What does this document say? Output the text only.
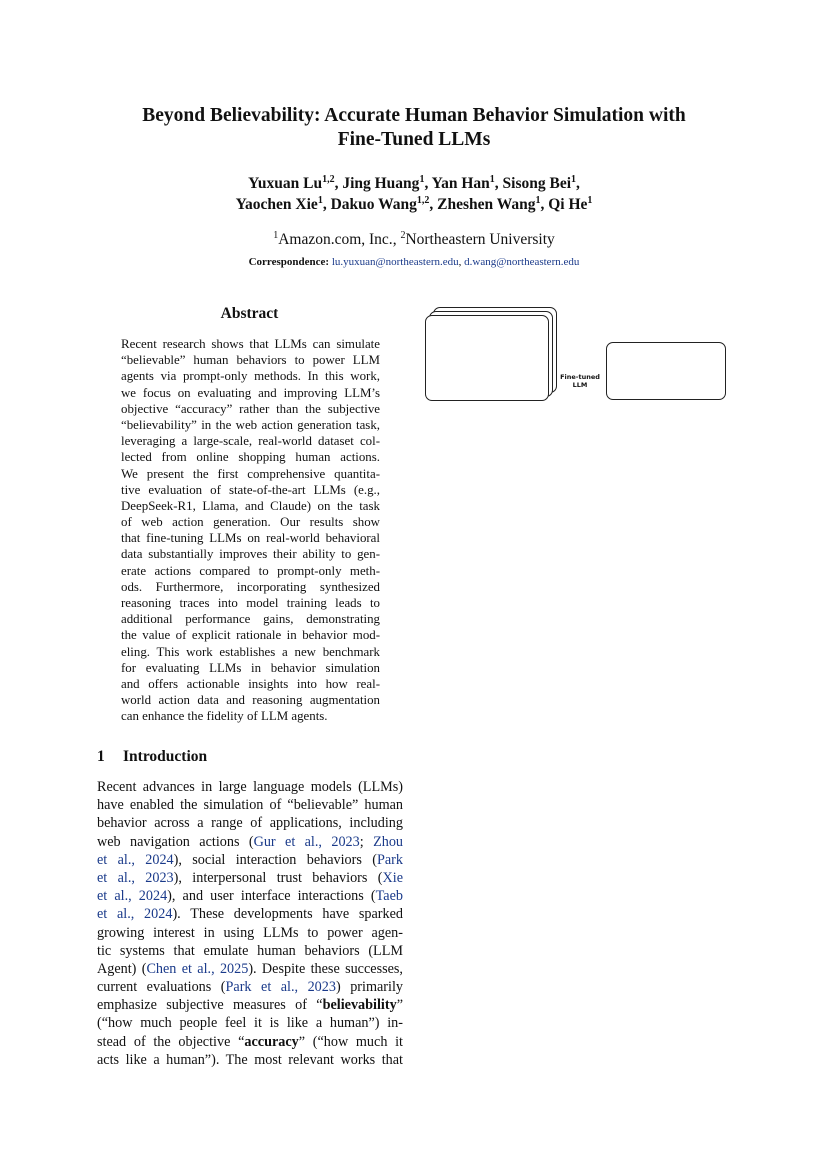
Beyond Believability: Accurate Human Behavior Simulation with
Fine-Tuned LLMs
Yuxuan Lu$^{1,2}$, Jing Huang$^1$, Yan Han$^1$, Sisong Bei$^1$,
Yaochen Xie$^1$, Dakuo Wang$^{1,2}$, Zheshen Wang$^1$, Qi He$^1$
$^1$Amazon.com, Inc., $^2$Northeastern University
Correspondence: lu.yuxuan@northeastern.edu, d.wang@northeastern.edu
Abstract
Recent research shows that LLMs can simulate
“believable” human behaviors to power LLM
agents via prompt-only methods. In this work,
we focus on evaluating and improving LLM’s
objective “accuracy” rather than the subjective
“believability” in the web action generation task,
leveraging a large-scale, real-world dataset col-
lected from online shopping human actions.
We present the first comprehensive quantita-
tive evaluation of state-of-the-art LLMs (e.g.,
DeepSeek-R1, Llama, and Claude) on the task
of web action generation. Our results show
that fine-tuning LLMs on real-world behavioral
data substantially improves their ability to gen-
erate actions compared to prompt-only meth-
ods. Furthermore, incorporating synthesized
reasoning traces into model training leads to
additional performance gains, demonstrating
the value of explicit rationale in behavior mod-
eling. This work establishes a new benchmark
for evaluating LLMs in behavior simulation
and offers actionable insights into how real-
world action data and reasoning augmentation
can enhance the fidelity of LLM agents.
1 Introduction
Recent advances in large language models (LLMs)
have enabled the simulation of “believable” human
behavior across a range of applications, including
web navigation actions (Gur et al., 2023; Zhou
et al., 2024), social interaction behaviors (Park
et al., 2023), interpersonal trust behaviors (Xie
et al., 2024), and user interface interactions (Taeb
et al., 2024). These developments have sparked
growing interest in using LLMs to power agen-
tic systems that emulate human behaviors (LLM
Agent) (Chen et al., 2025). Despite these successes,
current evaluations (Park et al., 2023) primarily
emphasize subjective measures of “believability”
(“how much people feel it is like a human”) in-
stead of the objective “accuracy” (“how much it
acts like a human”). The most relevant works that
Fine-tuned
LLM
